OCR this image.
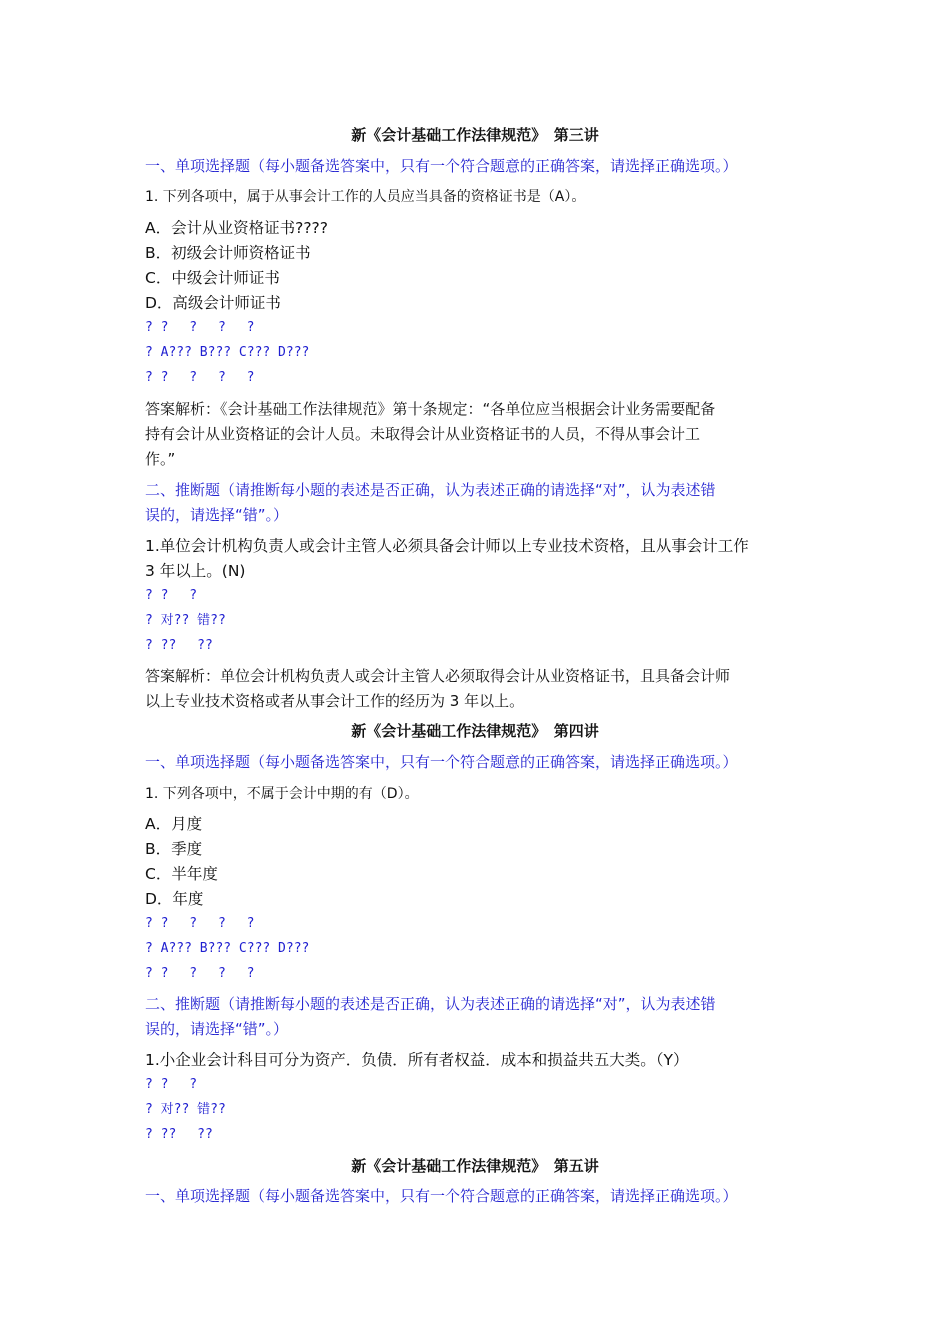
新《会计基础工作法律规范》　第三讲
一、单项选择题（每小题备选答案中，只有一个符合题意的正确答案，请选择正确选项。）
1. 下列各项中，属于从事会计工作的人员应当具备的资格证书是（A）。
A．会计从业资格证书????
B．初级会计师资格证书
C．中级会计师证书
D．高级会计师证书
? ?　 ?　 ?　 ?
? A??? B??? C??? D???
? ?　 ?　 ?　 ?
答案解析：《会计基础工作法律规范》第十条规定：“各单位应当根据会计业务需要配备
持有会计从业资格证的会计人员。未取得会计从业资格证书的人员，不得从事会计工
作。”
二、推断题（请推断每小题的表述是否正确，认为表述正确的请选择“对”，认为表述错
误的，请选择“错”。）
1.单位会计机构负责人或会计主管人必须具备会计师以上专业技术资格，且从事会计工作
3 年以上。(N)
? ?　 ?
? 对?? 错??
? ??　 ??
答案解析：单位会计机构负责人或会计主管人必须取得会计从业资格证书，且具备会计师
以上专业技术资格或者从事会计工作的经历为 3 年以上。
新《会计基础工作法律规范》　第四讲
一、单项选择题（每小题备选答案中，只有一个符合题意的正确答案，请选择正确选项。）
1. 下列各项中，不属于会计中期的有（D）。
A．月度
B．季度
C．半年度
D．年度
? ?　 ?　 ?　 ?
? A??? B??? C??? D???
? ?　 ?　 ?　 ?
二、推断题（请推断每小题的表述是否正确，认为表述正确的请选择“对”，认为表述错
误的，请选择“错”。）
1.小企业会计科目可分为资产．负债．所有者权益．成本和损益共五大类。（Y）
? ?　 ?
? 对?? 错??
? ??　 ??
新《会计基础工作法律规范》　第五讲
一、单项选择题（每小题备选答案中，只有一个符合题意的正确答案，请选择正确选项。）
